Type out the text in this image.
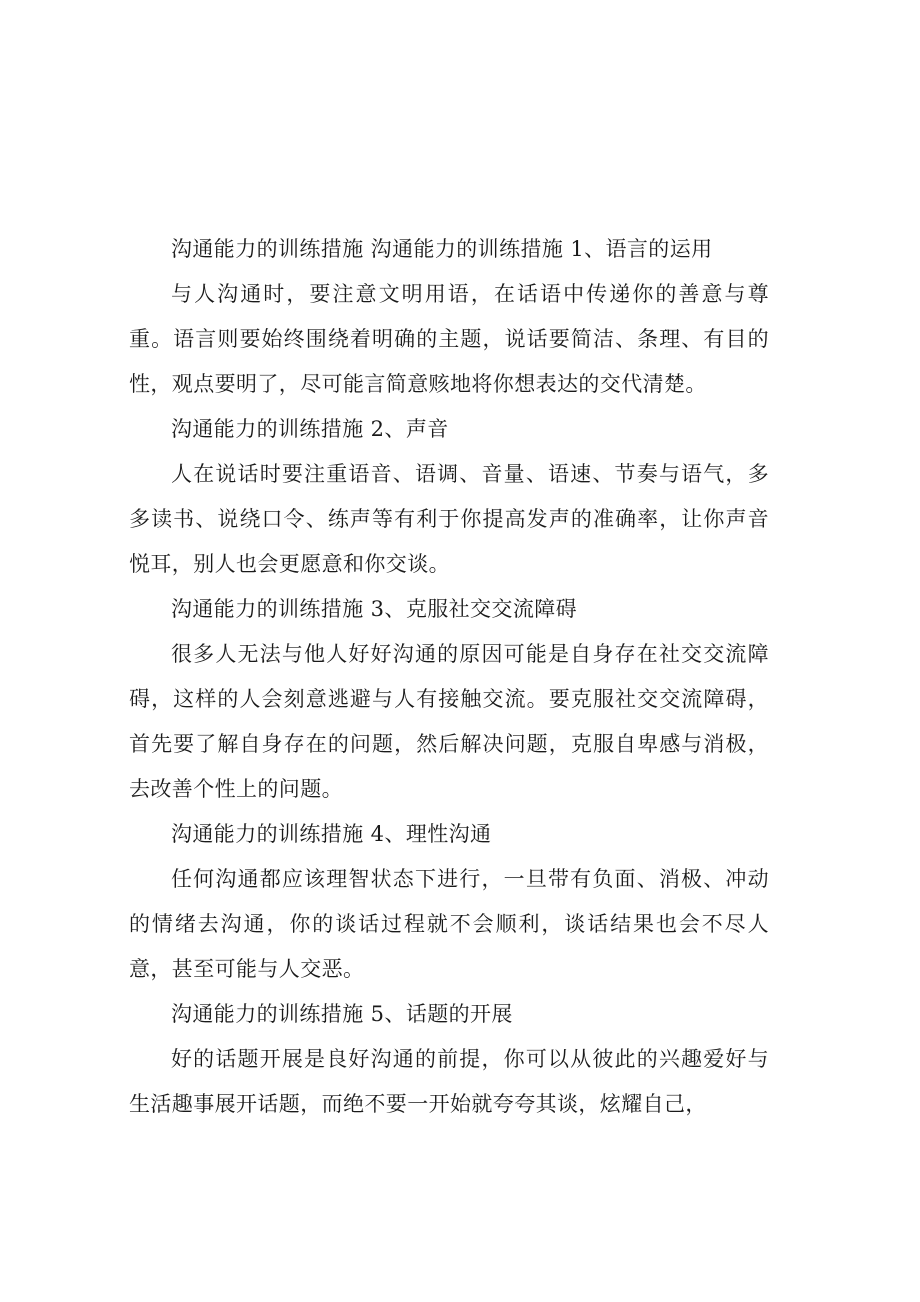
沟通能力的训练措施 沟通能力的训练措施 1、语言的运用

与人沟通时，要注意文明用语，在话语中传递你的善意与尊重。语言则要始终围绕着明确的主题，说话要简洁、条理、有目的性，观点要明了，尽可能言简意赅地将你想表达的交代清楚。

沟通能力的训练措施 2、声音

人在说话时要注重语音、语调、音量、语速、节奏与语气，多多读书、说绕口令、练声等有利于你提高发声的准确率，让你声音悦耳，别人也会更愿意和你交谈。

沟通能力的训练措施 3、克服社交交流障碍

很多人无法与他人好好沟通的原因可能是自身存在社交交流障碍，这样的人会刻意逃避与人有接触交流。要克服社交交流障碍，首先要了解自身存在的问题，然后解决问题，克服自卑感与消极，去改善个性上的问题。

沟通能力的训练措施 4、理性沟通

任何沟通都应该理智状态下进行，一旦带有负面、消极、冲动的情绪去沟通，你的谈话过程就不会顺利，谈话结果也会不尽人意，甚至可能与人交恶。

沟通能力的训练措施 5、话题的开展

好的话题开展是良好沟通的前提，你可以从彼此的兴趣爱好与生活趣事展开话题，而绝不要一开始就夸夸其谈，炫耀自己，
